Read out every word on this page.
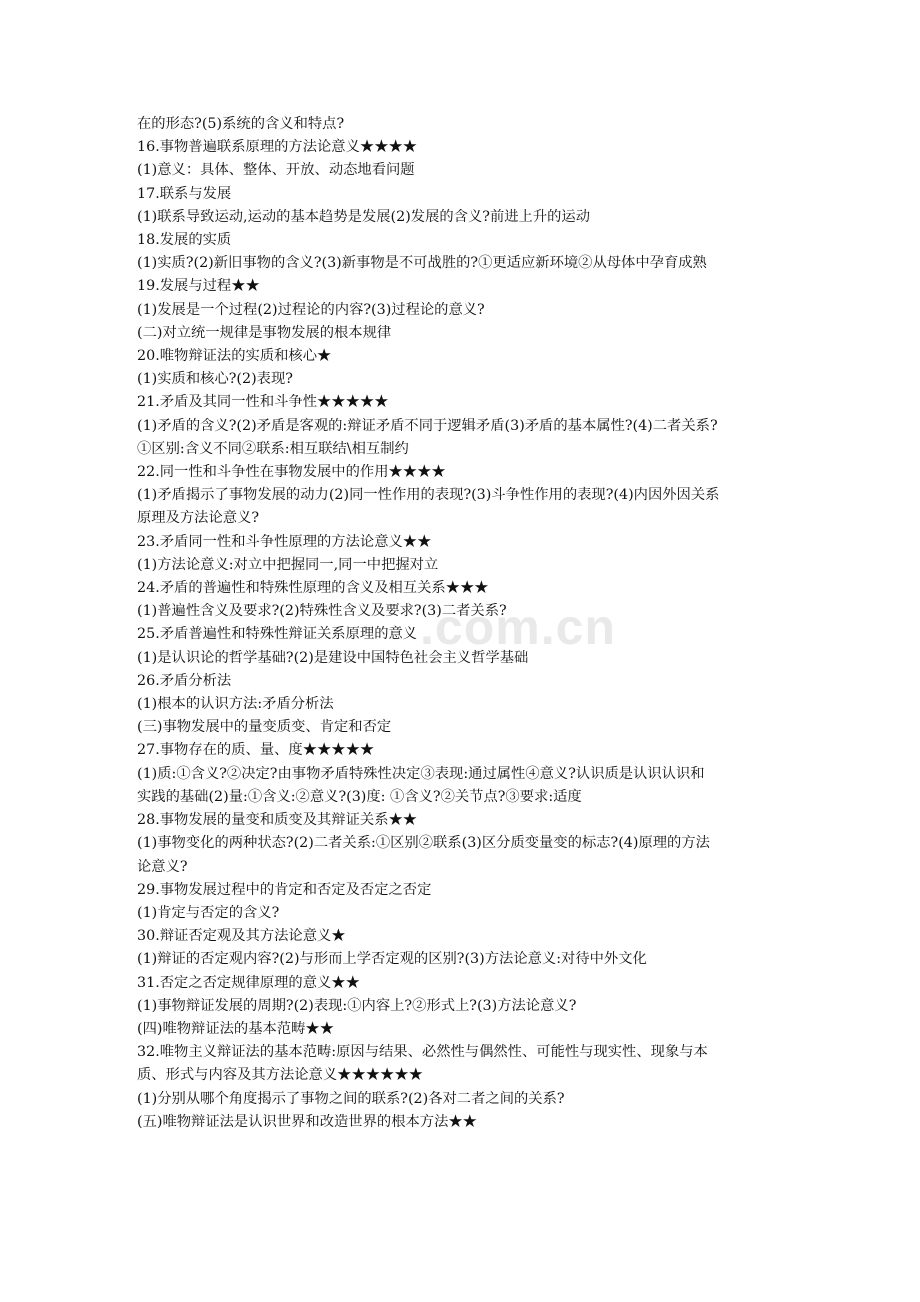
.com.cn

在的形态?(5)系统的含义和特点?

16.事物普遍联系原理的方法论意义★★★★

(1)意义：具体、整体、开放、动态地看问题

17.联系与发展

(1)联系导致运动,运动的基本趋势是发展(2)发展的含义?前进上升的运动

18.发展的实质

(1)实质?(2)新旧事物的含义?(3)新事物是不可战胜的?①更适应新环境②从母体中孕育成熟

19.发展与过程★★

(1)发展是一个过程(2)过程论的内容?(3)过程论的意义?

(二)对立统一规律是事物发展的根本规律

20.唯物辩证法的实质和核心★

(1)实质和核心?(2)表现?

21.矛盾及其同一性和斗争性★★★★★

(1)矛盾的含义?(2)矛盾是客观的:辩证矛盾不同于逻辑矛盾(3)矛盾的基本属性?(4)二者关系?

①区别:含义不同②联系:相互联结\相互制约

22.同一性和斗争性在事物发展中的作用★★★★

(1)矛盾揭示了事物发展的动力(2)同一性作用的表现?(3)斗争性作用的表现?(4)内因外因关系

原理及方法论意义?

23.矛盾同一性和斗争性原理的方法论意义★★

(1)方法论意义:对立中把握同一,同一中把握对立

24.矛盾的普遍性和特殊性原理的含义及相互关系★★★

(1)普遍性含义及要求?(2)特殊性含义及要求?(3)二者关系?

25.矛盾普遍性和特殊性辩证关系原理的意义

(1)是认识论的哲学基础?(2)是建设中国特色社会主义哲学基础

26.矛盾分析法

(1)根本的认识方法:矛盾分析法

(三)事物发展中的量变质变、肯定和否定

27.事物存在的质、量、度★★★★★

(1)质:①含义?②决定?由事物矛盾特殊性决定③表现:通过属性④意义?认识质是认识认识和

实践的基础(2)量:①含义:②意义?(3)度: ①含义?②关节点?③要求:适度

28.事物发展的量变和质变及其辩证关系★★

(1)事物变化的两种状态?(2)二者关系:①区别②联系(3)区分质变量变的标志?(4)原理的方法

论意义?

29.事物发展过程中的肯定和否定及否定之否定

(1)肯定与否定的含义?

30.辩证否定观及其方法论意义★

(1)辩证的否定观内容?(2)与形而上学否定观的区别?(3)方法论意义:对待中外文化

31.否定之否定规律原理的意义★★

(1)事物辩证发展的周期?(2)表现:①内容上?②形式上?(3)方法论意义?

(四)唯物辩证法的基本范畴★★

32.唯物主义辩证法的基本范畴:原因与结果、必然性与偶然性、可能性与现实性、现象与本

质、形式与内容及其方法论意义★★★★★★

(1)分别从哪个角度揭示了事物之间的联系?(2)各对二者之间的关系?

(五)唯物辩证法是认识世界和改造世界的根本方法★★
